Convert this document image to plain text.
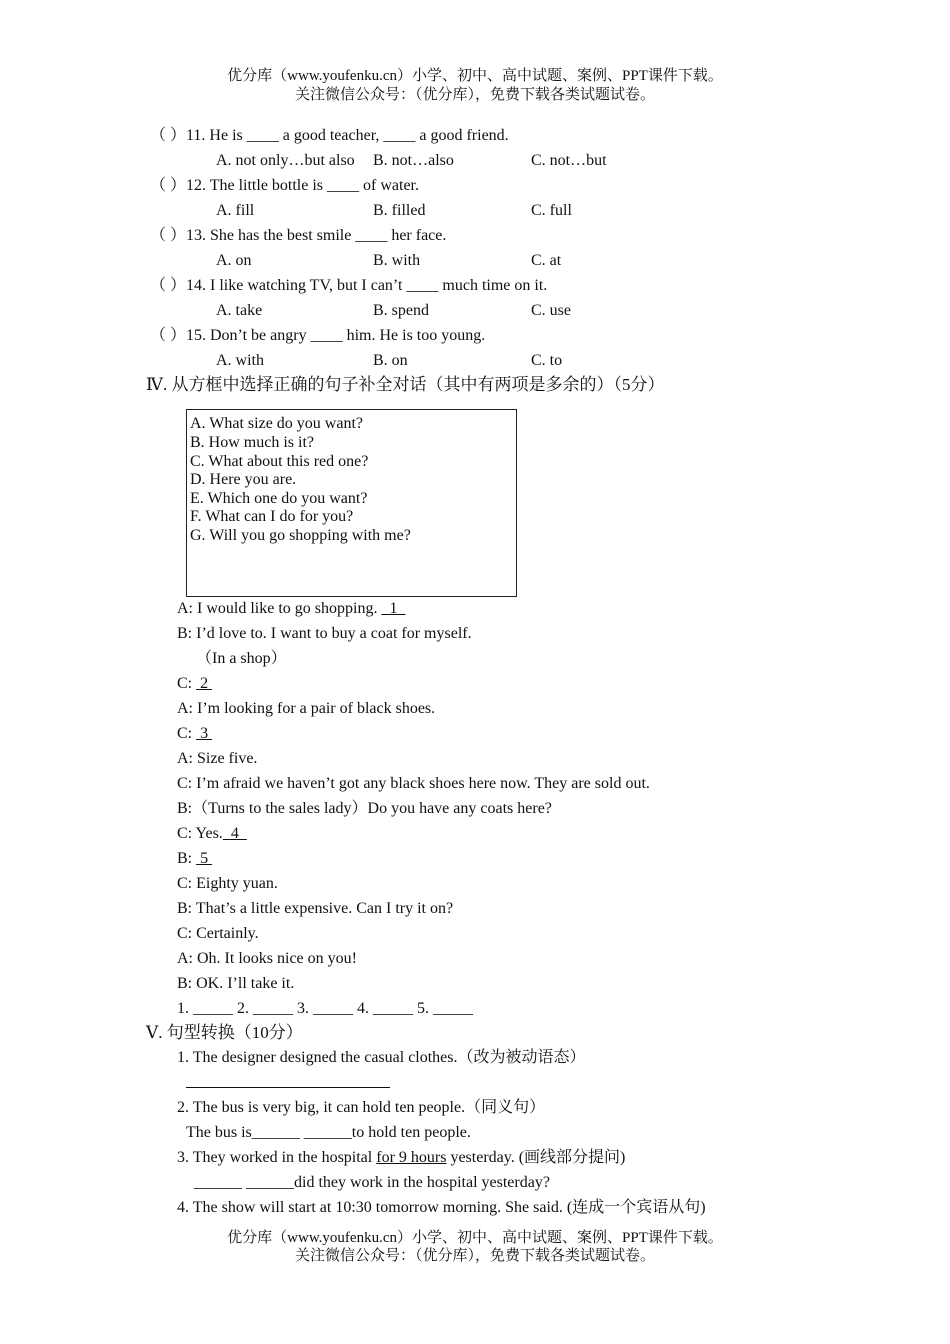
优分库（www.youfenku.cn）小学、初中、高中试题、案例、PPT课件下载。
关注微信公众号：（优分库），免费下载各类试题试卷。
（ ） 11. He is ____ a good teacher, ____ a good friend.
A. not only…but also B. not…also	C. not…but
（ ） 12. The little bottle is ____ of water.
A. fill	B. filled	C. full
（ ） 13. She has the best smile ____ her face.
A. on	B. with	C. at
（ ） 14. I like watching TV, but I can’t ____ much time on it.
A. take	B. spend	C. use
（ ） 15. Don’t be angry ____ him. He is too young.
A. with	B. on	C. to
Ⅳ. 从方框中选择正确的句子补全对话（其中有两项是多余的）（5分）
A. What size do you want?
B. How much is it?
C. What about this red one?
D. Here you are.
E. Which one do you want?
F. What can I do for you?
G. Will you go shopping with me?
A: I would like to go shopping.   1
B: I’d love to. I want to buy a coat for myself.
（In a shop）
C:  2
A: I’m looking for a pair of black shoes.
C:  3
A: Size five.
C: I’m afraid we haven’t got any black shoes here now. They are sold out.
B:（Turns to the sales lady）Do you have any coats here?
C: Yes.  4
B:  5
C: Eighty yuan.
B: That’s a little expensive. Can I try it on?
C: Certainly.
A: Oh. It looks nice on you!
B: OK. I’ll take it.
1. _____ 2. _____ 3. _____ 4. _____ 5. _____
Ⅴ. 句型转换（10分）
1. The designer designed the casual clothes.（改为被动语态）
2. The bus is very big, it can hold ten people.（同义句）
The bus is______ ______to hold ten people.
3. They worked in the hospital for 9 hours yesterday. (画线部分提问)
______ ______did they work in the hospital yesterday?
4. The show will start at 10:30 tomorrow morning. She said. (连成一个宾语从句)
优分库（www.youfenku.cn）小学、初中、高中试题、案例、PPT课件下载。
关注微信公众号：（优分库），免费下载各类试题试卷。
